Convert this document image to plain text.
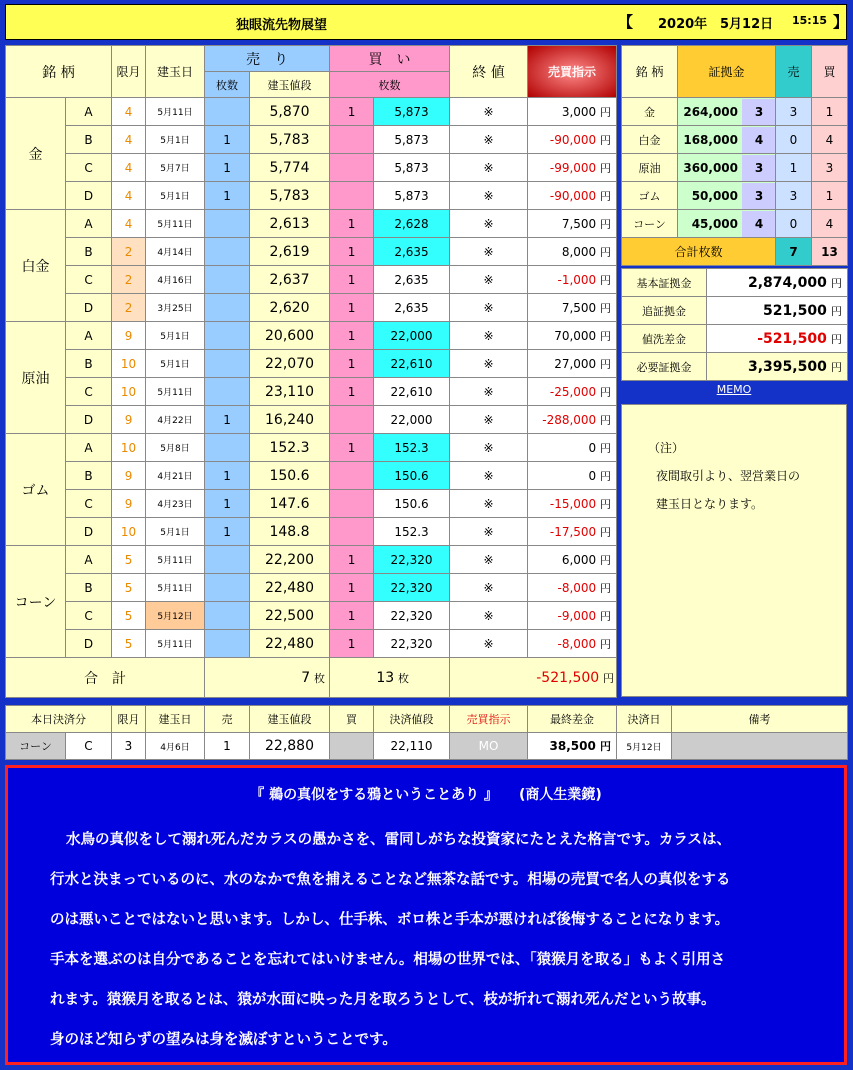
独眼流先物展望	【 2020年 5月12日 15:15 】
銘 柄		限月	建玉日	売　り		買　い		終 値	売買指示	
				枚数	建玉値段	枚数				
金	A	4	5月11日		5,870	1	5,873	※	3,000 円	
	B	4	5月1日	1	5,783		5,873	※	-90,000 円	
	C	4	5月7日	1	5,774		5,873	※	-99,000 円	
	D	4	5月1日	1	5,783		5,873	※	-90,000 円	
白金	A	4	5月11日		2,613	1	2,628	※	7,500 円	
	B	2	4月14日		2,619	1	2,635	※	8,000 円	
	C	2	4月16日		2,637	1	2,635	※	-1,000 円	
	D	2	3月25日		2,620	1	2,635	※	7,500 円	
原油	A	9	5月1日		20,600	1	22,000	※	70,000 円	
	B	10	5月1日		22,070	1	22,610	※	27,000 円	
	C	10	5月11日		23,110	1	22,610	※	-25,000 円	
	D	9	4月22日	1	16,240		22,000	※	-288,000 円	
ゴム	A	10	5月8日		152.3	1	152.3	※	0 円	
	B	9	4月21日	1	150.6		150.6	※	0 円	
	C	9	4月23日	1	147.6		150.6	※	-15,000 円	
	D	10	5月1日	1	148.8		152.3	※	-17,500 円	
コーン	A	5	5月11日		22,200	1	22,320	※	6,000 円	
	B	5	5月11日		22,480	1	22,320	※	-8,000 円	
	C	5	5月12日		22,500	1	22,320	※	-9,000 円	
	D	5	5月11日		22,480	1	22,320	※	-8,000 円	
合　計				7 枚		13 枚		-521,500 円		
銘 柄	証拠金	売	買
金	264,000 3	3	1
白金	168,000 4	0	4
原油	360,000 3	1	3
ゴム	50,000 3	3	1
コーン	45,000 4	0	4
合計枚数		7	13
基本証拠金	2,874,000 円
追証拠金	521,500 円
値洗差金	-521,500 円
必要証拠金	3,395,500 円
MEMO
（注）
夜間取引より、翌営業日の
建玉日となります。
本日決済分		限月	建玉日	売	建玉値段	買	決済値段	売買指示	最終差金	決済日	備考
コーン	C	3	4月6日	1	22,880		22,110	MO	38,500 円	5月12日	
『 鵜の真似をする鴉ということあり 』　　(商人生業鏡)
水鳥の真似をして溺れ死んだカラスの愚かさを、雷同しがちな投資家にたとえた格言です。カラスは、
行水と決まっているのに、水のなかで魚を捕えることなど無茶な話です。相場の売買で名人の真似をする
のは悪いことではないと思います。しかし、仕手株、ボロ株と手本が悪ければ後悔することになります。
手本を選ぶのは自分であることを忘れてはいけません。相場の世界では、「猿猴月を取る」もよく引用さ
れます。猿猴月を取るとは、猿が水面に映った月を取ろうとして、枝が折れて溺れ死んだという故事。
身のほど知らずの望みは身を滅ぼすということです。
